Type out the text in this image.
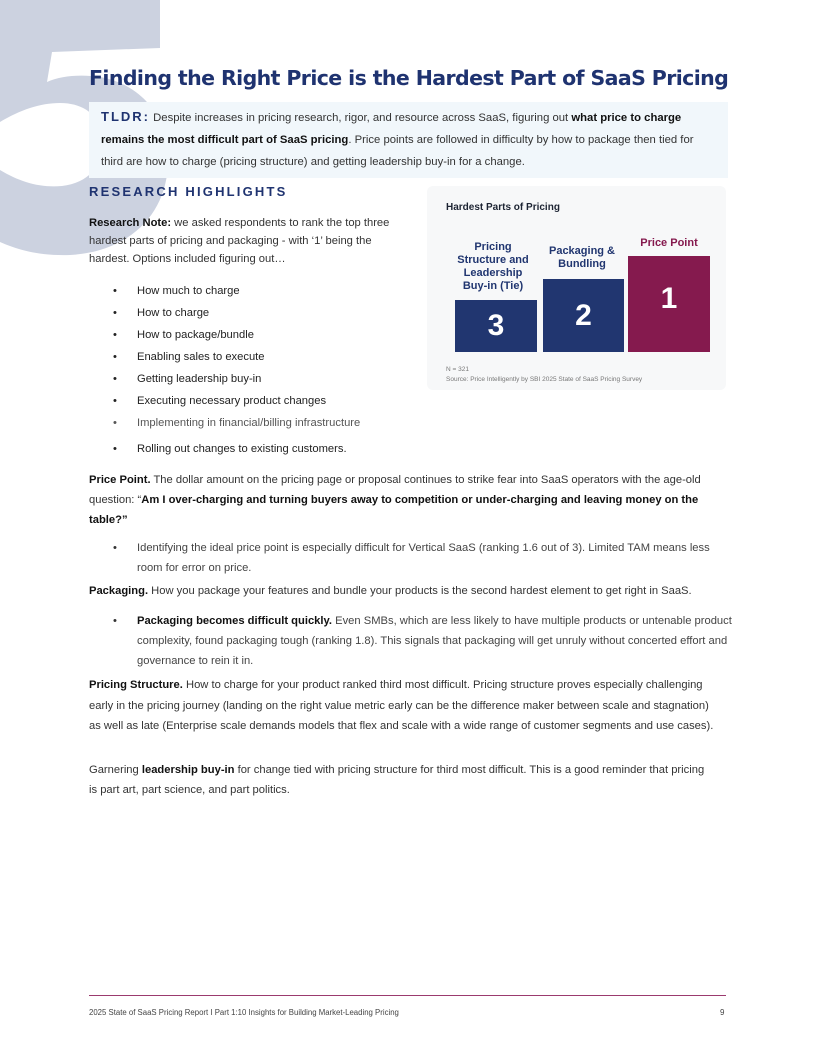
Finding the Right Price is the Hardest Part of SaaS Pricing
TLDR: Despite increases in pricing research, rigor, and resource across SaaS, figuring out what price to charge remains the most difficult part of SaaS pricing. Price points are followed in difficulty by how to package then tied for third are how to charge (pricing structure) and getting leadership buy-in for a change.
RESEARCH HIGHLIGHTS
Research Note: we asked respondents to rank the top three hardest parts of pricing and packaging - with ‘1’ being the hardest. Options included figuring out…
• How much to charge
• How to charge
• How to package/bundle
• Enabling sales to execute
• Getting leadership buy-in
• Executing necessary product changes
• Implementing in financial/billing infrastructure
• Rolling out changes to existing customers.
Hardest Parts of Pricing
Pricing Structure and Leadership Buy-in (Tie)
3
Packaging & Bundling
2
Price Point
1
N = 321
Source: Price Intelligently by SBI 2025 State of SaaS Pricing Survey
Price Point. The dollar amount on the pricing page or proposal continues to strike fear into SaaS operators with the age-old question: “Am I over-charging and turning buyers away to competition or under-charging and leaving money on the table?”
• Identifying the ideal price point is especially difficult for Vertical SaaS (ranking 1.6 out of 3). Limited TAM means less room for error on price.
Packaging. How you package your features and bundle your products is the second hardest element to get right in SaaS.
• Packaging becomes difficult quickly. Even SMBs, which are less likely to have multiple products or untenable product complexity, found packaging tough (ranking 1.8). This signals that packaging will get unruly without concerted effort and governance to rein it in.
Pricing Structure. How to charge for your product ranked third most difficult. Pricing structure proves especially challenging early in the pricing journey (landing on the right value metric early can be the difference maker between scale and stagnation) as well as late (Enterprise scale demands models that flex and scale with a wide range of customer segments and use cases).
Garnering leadership buy-in for change tied with pricing structure for third most difficult. This is a good reminder that pricing is part art, part science, and part politics.
2025 State of SaaS Pricing Report I Part 1:10 Insights for Building Market-Leading Pricing	9
